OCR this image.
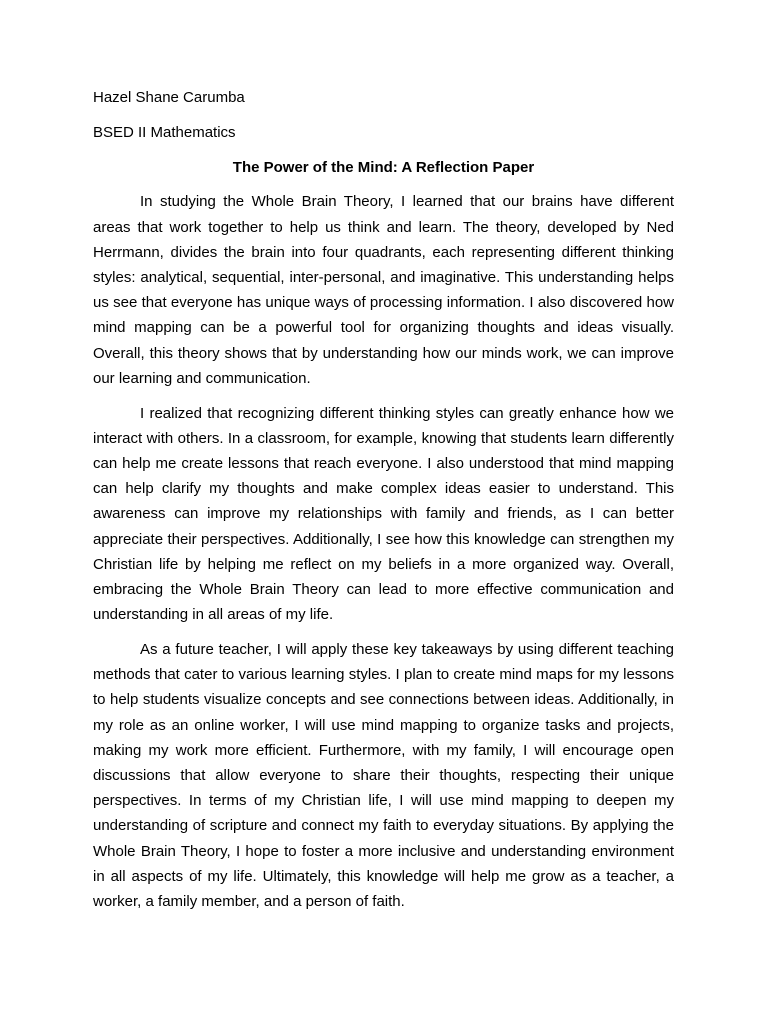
Hazel Shane Carumba

BSED II Mathematics

The Power of the Mind: A Reflection Paper

In studying the Whole Brain Theory, I learned that our brains have different areas that work together to help us think and learn. The theory, developed by Ned Herrmann, divides the brain into four quadrants, each representing different thinking styles: analytical, sequential, inter-personal, and imaginative. This understanding helps us see that everyone has unique ways of processing information. I also discovered how mind mapping can be a powerful tool for organizing thoughts and ideas visually. Overall, this theory shows that by understanding how our minds work, we can improve our learning and communication.

I realized that recognizing different thinking styles can greatly enhance how we interact with others. In a classroom, for example, knowing that students learn differently can help me create lessons that reach everyone. I also understood that mind mapping can help clarify my thoughts and make complex ideas easier to understand. This awareness can improve my relationships with family and friends, as I can better appreciate their perspectives. Additionally, I see how this knowledge can strengthen my Christian life by helping me reflect on my beliefs in a more organized way. Overall, embracing the Whole Brain Theory can lead to more effective communication and understanding in all areas of my life.

As a future teacher, I will apply these key takeaways by using different teaching methods that cater to various learning styles. I plan to create mind maps for my lessons to help students visualize concepts and see connections between ideas. Additionally, in my role as an online worker, I will use mind mapping to organize tasks and projects, making my work more efficient. Furthermore, with my family, I will encourage open discussions that allow everyone to share their thoughts, respecting their unique perspectives. In terms of my Christian life, I will use mind mapping to deepen my understanding of scripture and connect my faith to everyday situations. By applying the Whole Brain Theory, I hope to foster a more inclusive and understanding environment in all aspects of my life. Ultimately, this knowledge will help me grow as a teacher, a worker, a family member, and a person of faith.
